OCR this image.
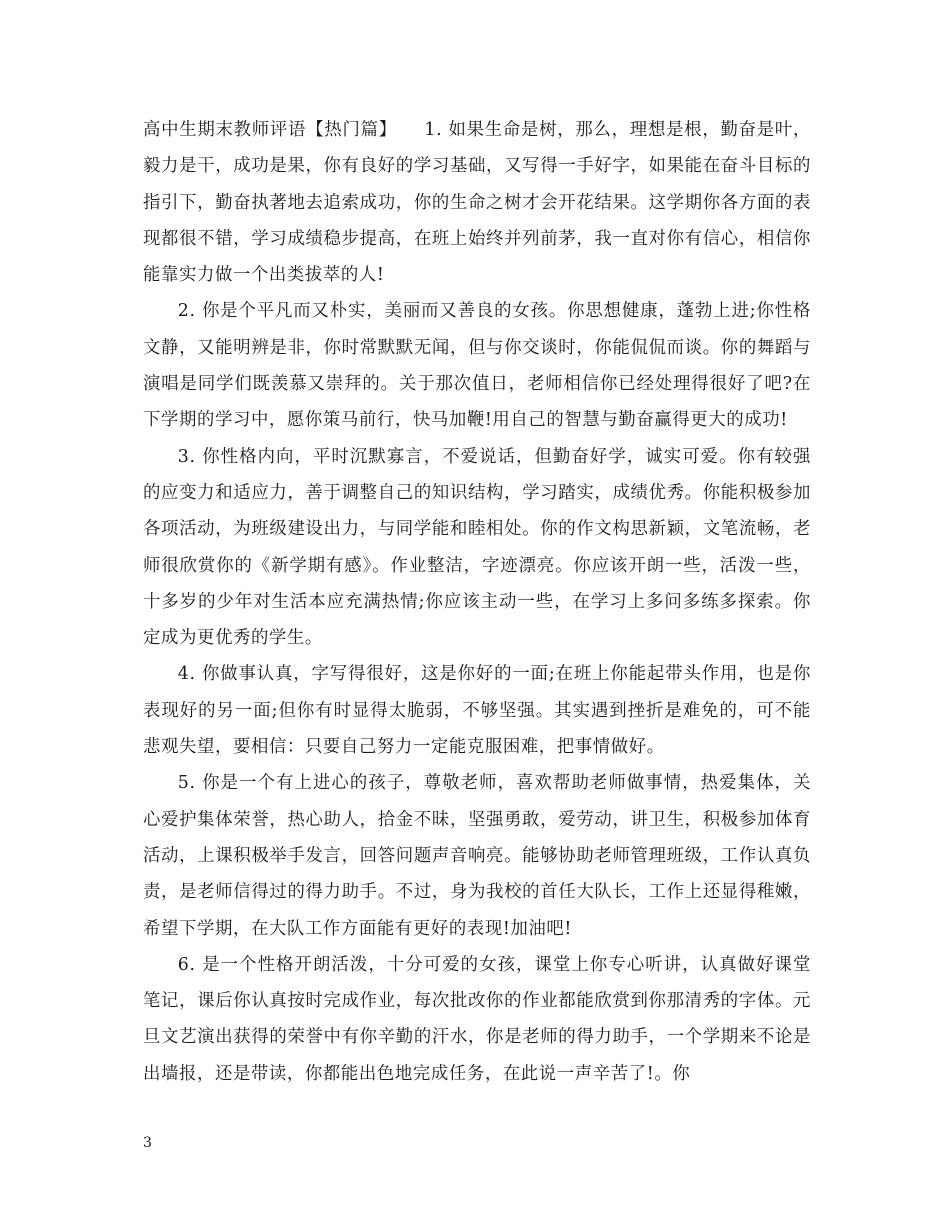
高中生期末教师评语【热门篇】　　1. 如果生命是树，那么，理想是根，勤奋是叶，毅力是干，成功是果，你有良好的学习基础，又写得一手好字，如果能在奋斗目标的指引下，勤奋执著地去追索成功，你的生命之树才会开花结果。这学期你各方面的表现都很不错，学习成绩稳步提高，在班上始终并列前茅，我一直对你有信心，相信你能靠实力做一个出类拔萃的人!

2. 你是个平凡而又朴实，美丽而又善良的女孩。你思想健康，蓬勃上进;你性格文静，又能明辨是非，你时常默默无闻，但与你交谈时，你能侃侃而谈。你的舞蹈与演唱是同学们既羡慕又崇拜的。关于那次值日，老师相信你已经处理得很好了吧?在下学期的学习中，愿你策马前行，快马加鞭!用自己的智慧与勤奋赢得更大的成功!

3. 你性格内向，平时沉默寡言，不爱说话，但勤奋好学，诚实可爱。你有较强的应变力和适应力，善于调整自己的知识结构，学习踏实，成绩优秀。你能积极参加各项活动，为班级建设出力，与同学能和睦相处。你的作文构思新颖，文笔流畅，老师很欣赏你的《新学期有感》。作业整洁，字迹漂亮。你应该开朗一些，活泼一些，十多岁的少年对生活本应充满热情;你应该主动一些，在学习上多问多练多探索。你定成为更优秀的学生。

4. 你做事认真，字写得很好，这是你好的一面;在班上你能起带头作用，也是你表现好的另一面;但你有时显得太脆弱，不够坚强。其实遇到挫折是难免的，可不能悲观失望，要相信：只要自己努力一定能克服困难，把事情做好。

5. 你是一个有上进心的孩子，尊敬老师，喜欢帮助老师做事情，热爱集体，关心爱护集体荣誉，热心助人，拾金不昧，坚强勇敢，爱劳动，讲卫生，积极参加体育活动，上课积极举手发言，回答问题声音响亮。能够协助老师管理班级，工作认真负责，是老师信得过的得力助手。不过，身为我校的首任大队长，工作上还显得稚嫩，希望下学期，在大队工作方面能有更好的表现!加油吧!

6. 是一个性格开朗活泼，十分可爱的女孩，课堂上你专心听讲，认真做好课堂笔记，课后你认真按时完成作业，每次批改你的作业都能欣赏到你那清秀的字体。元旦文艺演出获得的荣誉中有你辛勤的汗水，你是老师的得力助手，一个学期来不论是出墙报，还是带读，你都能出色地完成任务，在此说一声辛苦了!。你

3
